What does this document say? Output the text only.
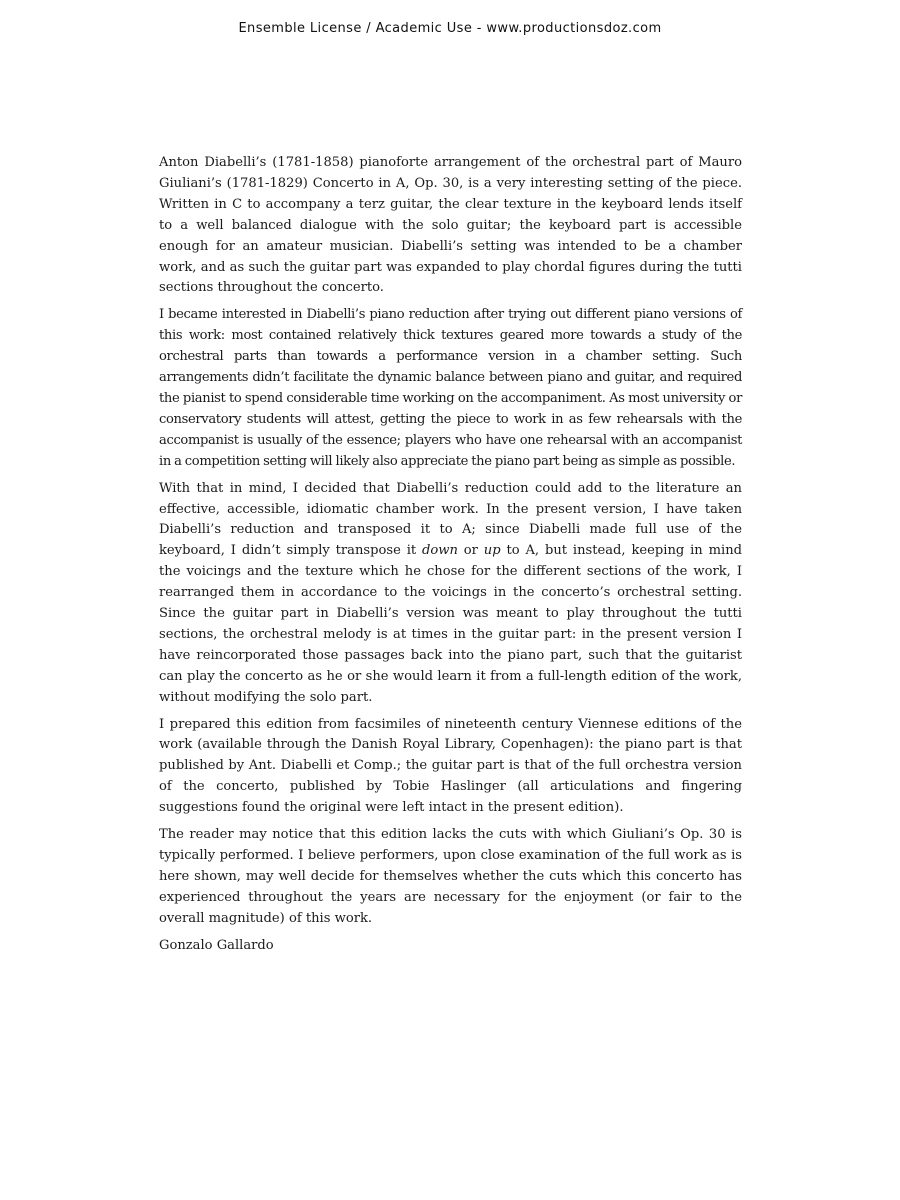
Ensemble License / Academic Use - www.productionsdoz.com

Anton Diabelli’s (1781-1858) pianoforte arrangement of the orchestral part of Mauro Giuliani’s (1781-1829) Concerto in A, Op. 30, is a very interesting setting of the piece. Written in C to accompany a terz guitar, the clear texture in the keyboard lends itself to a well balanced dialogue with the solo guitar; the keyboard part is accessible enough for an amateur musician. Diabelli’s setting was intended to be a chamber work, and as such the guitar part was expanded to play chordal figures during the tutti sections throughout the concerto.

I became interested in Diabelli’s piano reduction after trying out different piano versions of this work: most contained relatively thick textures geared more towards a study of the orchestral parts than towards a performance version in a chamber setting. Such arrangements didn’t facilitate the dynamic balance between piano and guitar, and required the pianist to spend considerable time working on the accompaniment. As most university or conservatory students will attest, getting the piece to work in as few rehearsals with the accompanist is usually of the essence; players who have one rehearsal with an accompanist in a competition setting will likely also appreciate the piano part being as simple as possible.

With that in mind, I decided that Diabelli’s reduction could add to the literature an effective, accessible, idiomatic chamber work. In the present version, I have taken Diabelli’s reduction and transposed it to A; since Diabelli made full use of the keyboard, I didn’t simply transpose it down or up to A, but instead, keeping in mind the voicings and the texture which he chose for the different sections of the work, I rearranged them in accordance to the voicings in the concerto’s orchestral setting. Since the guitar part in Diabelli’s version was meant to play throughout the tutti sections, the orchestral melody is at times in the guitar part: in the present version I have reincorporated those passages back into the piano part, such that the guitarist can play the concerto as he or she would learn it from a full-length edition of the work, without modifying the solo part.

I prepared this edition from facsimiles of nineteenth century Viennese editions of the work (available through the Danish Royal Library, Copenhagen): the piano part is that published by Ant. Diabelli et Comp.; the guitar part is that of the full orchestra version of the concerto, published by Tobie Haslinger (all articulations and fingering suggestions found the original were left intact in the present edition).

The reader may notice that this edition lacks the cuts with which Giuliani’s Op. 30 is typically performed. I believe performers, upon close examination of the full work as is here shown, may well decide for themselves whether the cuts which this concerto has experienced throughout the years are necessary for the enjoyment (or fair to the overall magnitude) of this work.

Gonzalo Gallardo
